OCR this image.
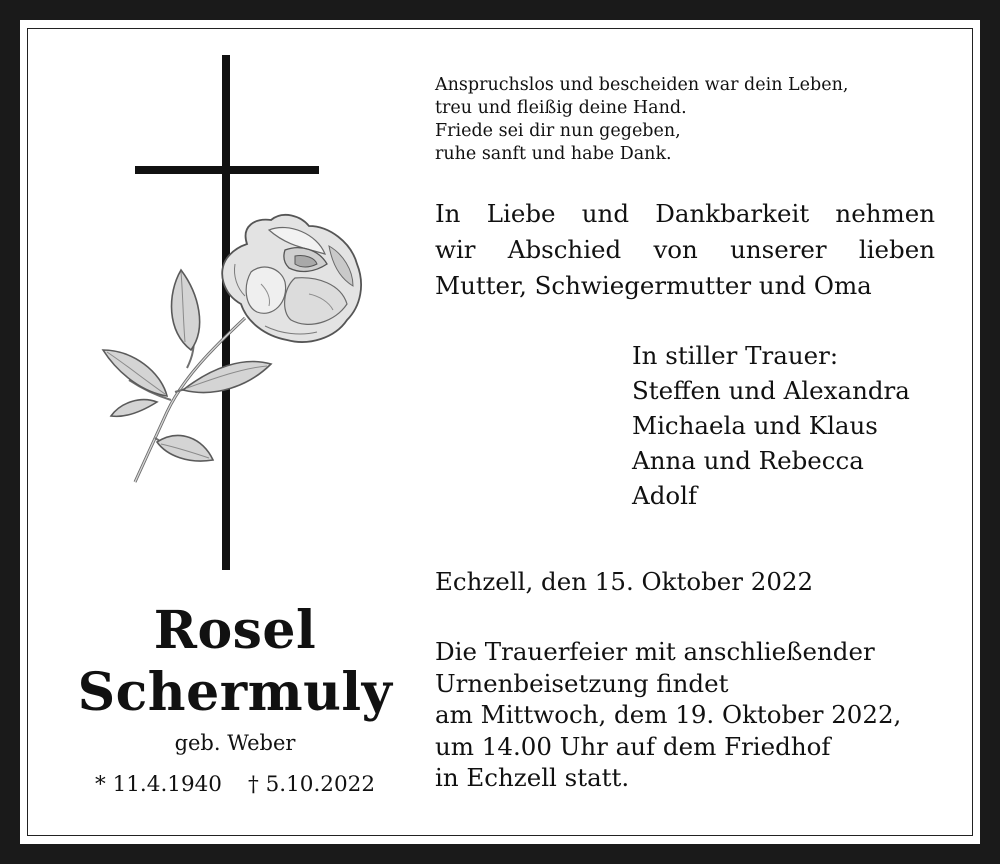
Anspruchslos und bescheiden war dein Leben,
treu und fleißig deine Hand.
Friede sei dir nun gegeben,
ruhe sanft und habe Dank.
In Liebe und Dankbarkeit nehmen
wir Abschied von unserer lieben
Mutter, Schwiegermutter und Oma
In stiller Trauer:
Steffen und Alexandra
Michaela und Klaus
Anna und Rebecca
Adolf
Echzell, den 15. Oktober 2022
Die Trauerfeier mit anschließender
Urnenbeisetzung findet
am Mittwoch, dem 19. Oktober 2022,
um 14.00 Uhr auf dem Friedhof
in Echzell statt.
Rosel
Schermuly
geb. Weber
* 11.4.1940 † 5.10.2022
